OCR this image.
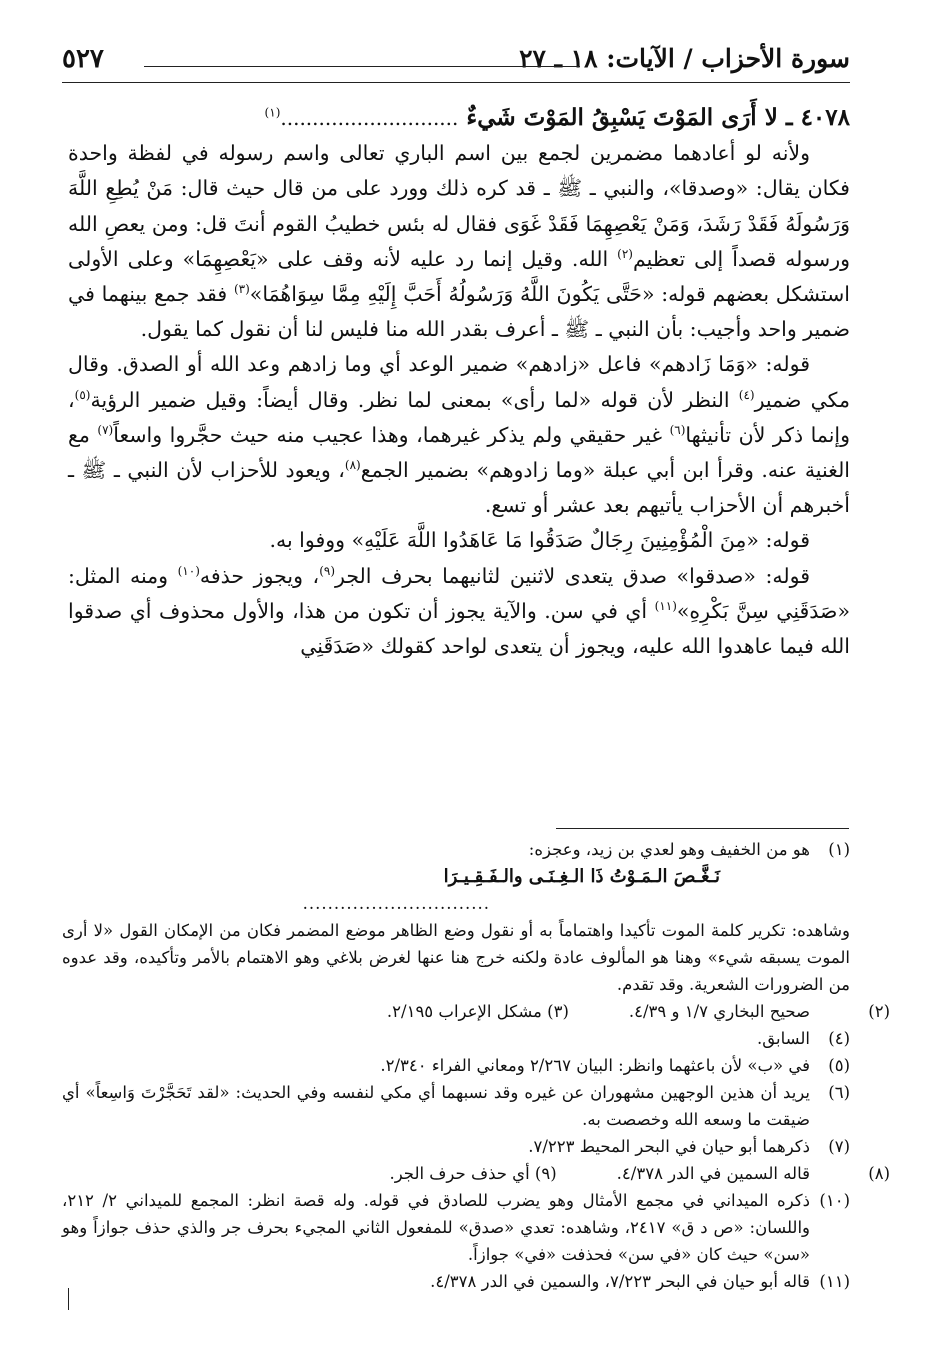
سورة الأحزاب / الآيات: ١٨ ـ ٢٧
٥٢٧

٤٠٧٨ ـ لا أَرَى المَوْتَ يَسْبِقُ المَوْتَ شَيءٌ ............................$^{(١)}$

ولأنه لو أعادهما مضمرين لجمع بين اسم الباري تعالى واسم رسوله في لفظة واحدة فكان يقال: «وصدقا»، والنبي ـ ﷺ ـ قد كره ذلك وورد على من قال حيث قال: مَنْ يُطِعِ اللَّهَ وَرَسُولَهُ فَقَدْ رَشَدَ، وَمَنْ يَعْصِهِمَا فَقَدْ غَوَى فقال له بئس خطيبُ القوم أنتَ قل: ومن يعصِ الله ورسوله قصداً إلى تعظيم$^{(٢)}$ الله. وقيل إنما رد عليه لأنه وقف على «يَعْصِهِمَا» وعلى الأولى استشكل بعضهم قوله: «حَتَّى يَكُونَ اللَّهُ وَرَسُولُهُ أَحَبَّ إِلَيْهِ مِمَّا سِوَاهُمَا»$^{(٣)}$ فقد جمع بينهما في ضمير واحد وأجيب: بأن النبي ـ ﷺ ـ أعرف بقدر الله منا فليس لنا أن نقول كما يقول.

قوله: «وَمَا زَادهم» فاعل «زادهم» ضمير الوعد أي وما زادهم وعد الله أو الصدق. وقال مكي ضمير$^{(٤)}$ النظر لأن قوله «لما رأى» بمعنى لما نظر. وقال أيضاً: وقيل ضمير الرؤية$^{(٥)}$، وإنما ذكر لأن تأنيثها$^{(٦)}$ غير حقيقي ولم يذكر غيرهما، وهذا عجيب منه حيث حجَّروا واسعاً$^{(٧)}$ مع الغنية عنه. وقرأ ابن أبي عبلة «وما زادوهم» بضمير الجمع$^{(٨)}$، ويعود للأحزاب لأن النبي ـ ﷺ ـ أخبرهم أن الأحزاب يأتيهم بعد عشر أو تسع.

قوله: «مِنَ الْمُؤْمِنِينَ رِجَالٌ صَدَقُوا مَا عَاهَدُوا اللَّهَ عَلَيْهِ» ووفوا به.

قوله: «صدقوا» صدق يتعدى لاثنين لثانيهما بحرف الجر$^{(٩)}$، ويجوز حذفه$^{(١٠)}$ ومنه المثل: «صَدَقَنِي سِنَّ بَكْرِهِ»$^{(١١)}$ أي في سن. والآية يجوز أن تكون من هذا، والأول محذوف أي صدقوا الله فيما عاهدوا الله عليه، ويجوز أن يتعدى لواحد كقولك «صَدَقَنِي

(١)هو من الخفيف وهو لعدي بن زيد، وعجزه:

نَـغَّـصَ الـمَـوْتُ ذَا الـغِـنَـى والـفَـقِـيـرَا

..............................

وشاهده: تكرير كلمة الموت تأكيدا واهتماماً به أو نقول وضع الظاهر موضع المضمر فكان من الإمكان القول «لا أرى الموت يسبقه شيء» وهنا هو المألوف عادة ولكنه خرج هنا عنها لغرض بلاغي وهو الاهتمام بالأمر وتأكيده، وقد عدوه من الضرورات الشعرية. وقد تقدم.

(٢)صحيح البخاري ١/٧ و ٤/٣٩.(٣) مشكل الإعراب ٢/١٩٥.

(٤)السابق.

(٥)في «ب» لأن باعثهما وانظر: البيان ٢/٢٦٧ ومعاني الفراء ٢/٣٤٠.

(٦)يريد أن هذين الوجهين مشهوران عن غيره وقد نسبهما أي مكي لنفسه وفي الحديث: «لقد تَحَجَّرْتَ وَاسِعاً» أي ضيقت ما وسعه الله وخصصت به.

(٧)ذكرهما أبو حيان في البحر المحيط ٧/٢٢٣.

(٨)قاله السمين في الدر ٤/٣٧٨.(٩) أي حذف حرف الجر.

(١٠)ذكره الميداني في مجمع الأمثال وهو يضرب للصادق في قوله. وله قصة انظر: المجمع للميداني ٢/ ٢١٢، واللسان: «ص د ق» ٢٤١٧، وشاهده: تعدي «صدق» للمفعول الثاني المجيء بحرف جر والذي حذف جوازاً وهو «سن» حيث كان «في سن» فحذفت «في» جوازاً.

(١١)قاله أبو حيان في البحر ٧/٢٢٣، والسمين في الدر ٤/٣٧٨.
